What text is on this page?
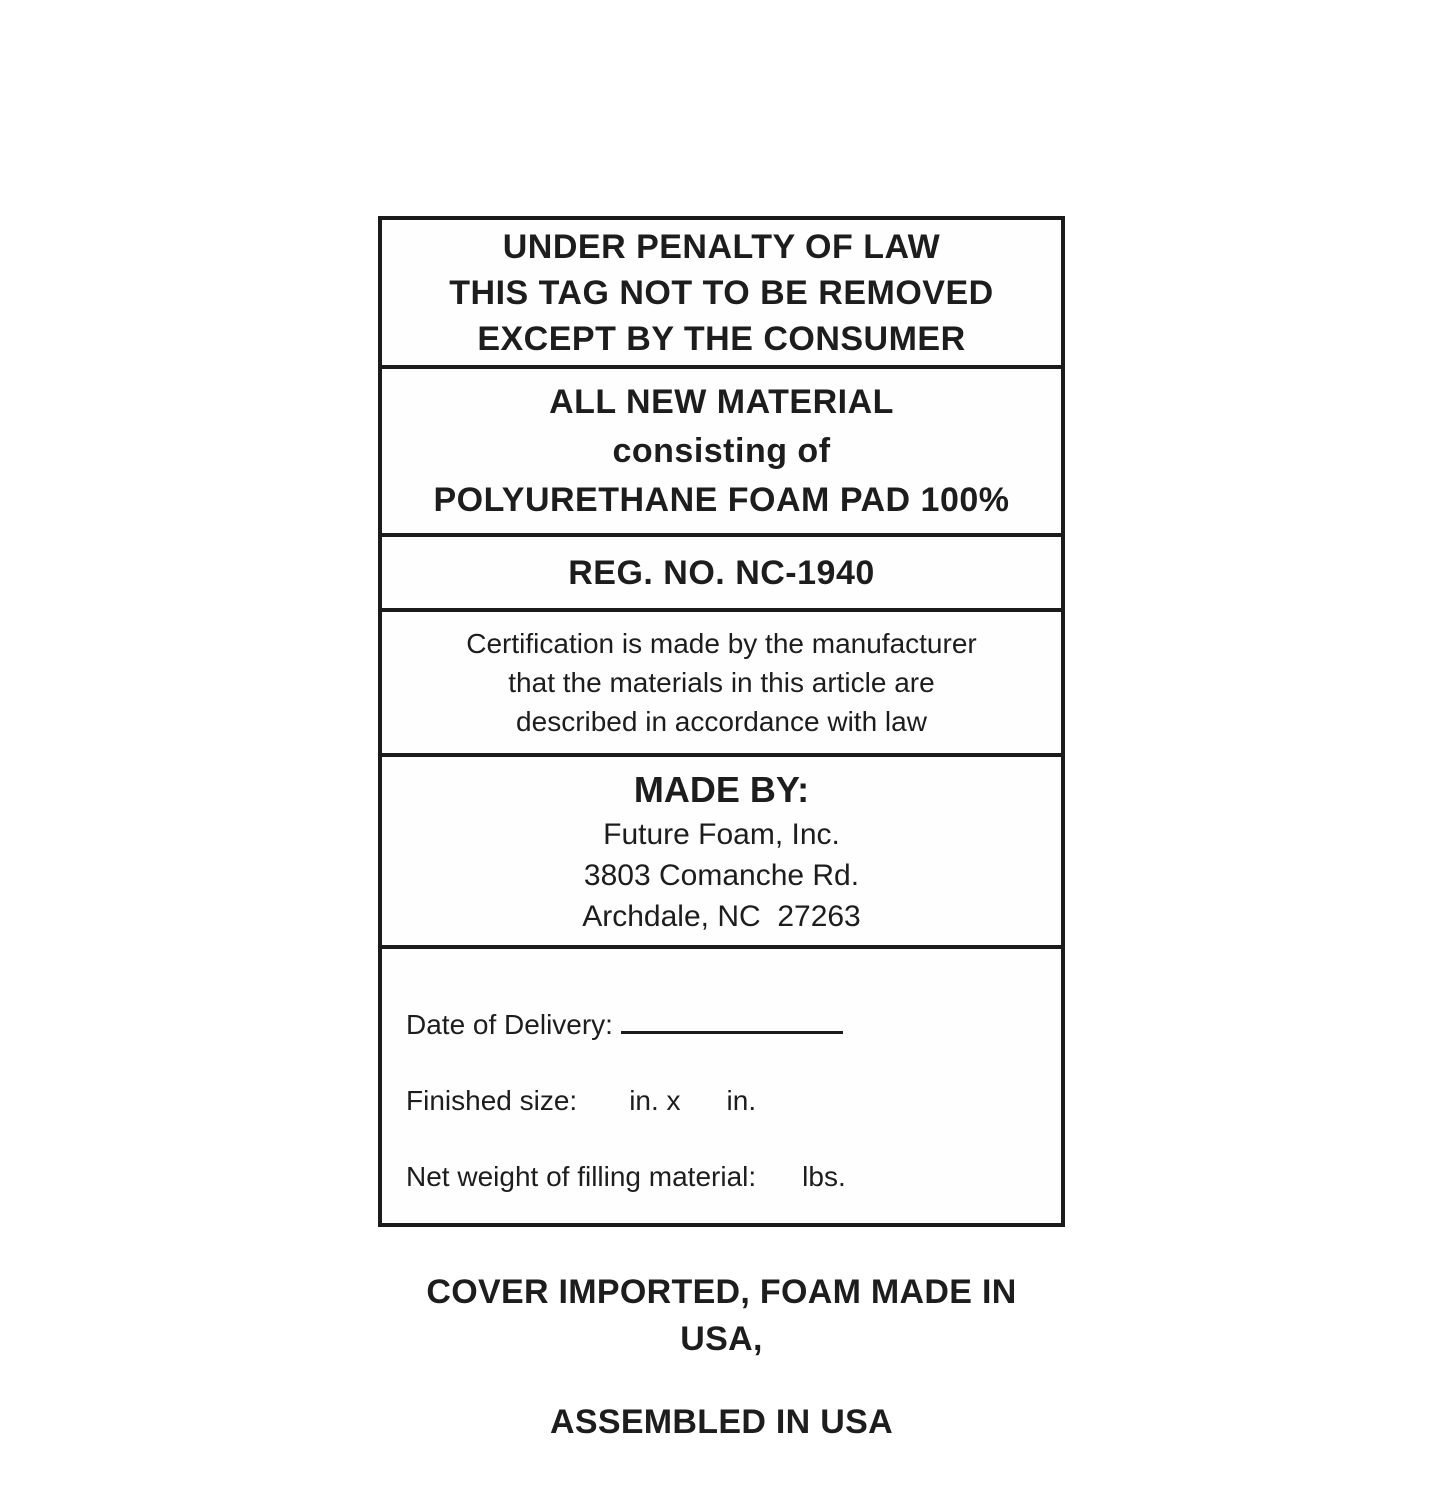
UNDER PENALTY OF LAW
THIS TAG NOT TO BE REMOVED
EXCEPT BY THE CONSUMER
ALL NEW MATERIAL
consisting of
POLYURETHANE FOAM PAD 100%
REG. NO. NC-1940
Certification is made by the manufacturer
that the materials in this article are
described in accordance with law
MADE BY:
Future Foam, Inc.
3803 Comanche Rd.
Archdale, NC  27263

Date of Delivery:

Finished size: in. x in.

Net weight of filling material: lbs.

COVER IMPORTED, FOAM MADE IN USA,

ASSEMBLED IN USA
